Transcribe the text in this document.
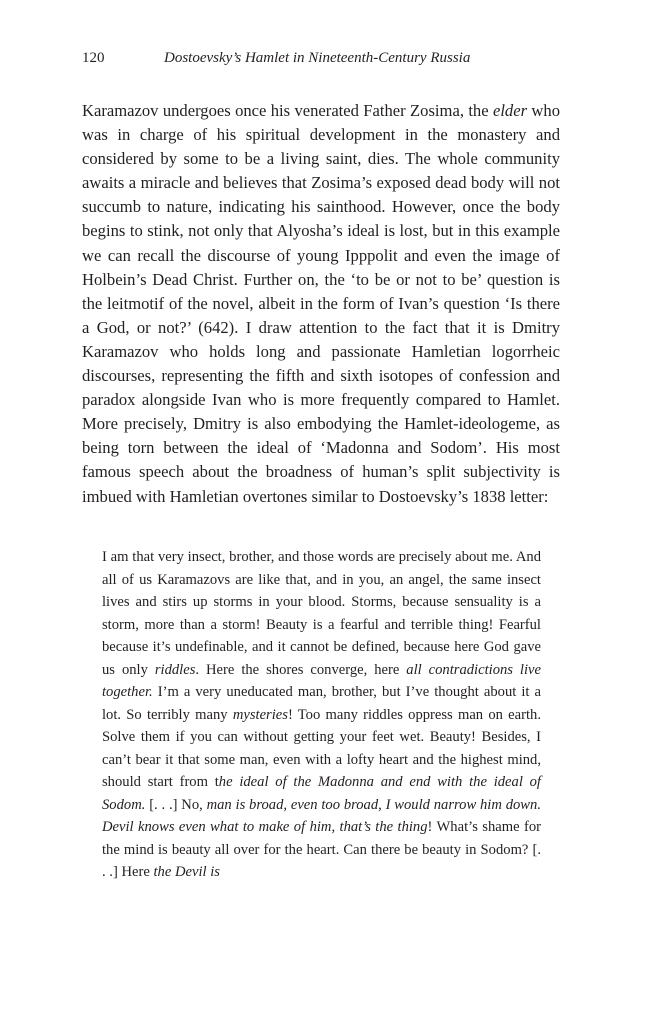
120	Dostoevsky’s Hamlet in Nineteenth-Century Russia

Karamazov undergoes once his venerated Father Zosima, the elder who was in charge of his spiritual development in the monastery and considered by some to be a living saint, dies. The whole community awaits a miracle and believes that Zosima’s exposed dead body will not succumb to nature, indicating his sainthood. However, once the body begins to stink, not only that Alyosha’s ideal is lost, but in this example we can recall the discourse of young Ipppolit and even the image of Holbein’s Dead Christ. Further on, the ‘to be or not to be’ question is the leitmotif of the novel, albeit in the form of Ivan’s question ‘Is there a God, or not?’ (642). I draw attention to the fact that it is Dmitry Karamazov who holds long and passionate Hamletian logorrheic discourses, representing the fifth and sixth isotopes of confession and paradox alongside Ivan who is more frequently compared to Hamlet. More precisely, Dmitry is also embodying the Hamlet-ideologeme, as being torn between the ideal of ‘Madonna and Sodom’. His most famous speech about the broadness of human’s split subjectivity is imbued with Hamletian overtones similar to Dostoevsky’s 1838 letter:

I am that very insect, brother, and those words are precisely about me. And all of us Karamazovs are like that, and in you, an angel, the same insect lives and stirs up storms in your blood. Storms, because sensuality is a storm, more than a storm! Beauty is a fearful and terrible thing! Fearful because it’s undefinable, and it cannot be defined, because here God gave us only riddles. Here the shores converge, here all contradictions live together. I’m a very uneducated man, brother, but I’ve thought about it a lot. So terribly many mysteries! Too many riddles oppress man on earth. Solve them if you can without getting your feet wet. Beauty! Besides, I can’t bear it that some man, even with a lofty heart and the highest mind, should start from the ideal of the Madonna and end with the ideal of Sodom. [. . .] No, man is broad, even too broad, I would narrow him down. Devil knows even what to make of him, that’s the thing! What’s shame for the mind is beauty all over for the heart. Can there be beauty in Sodom? [. . .] Here the Devil is
